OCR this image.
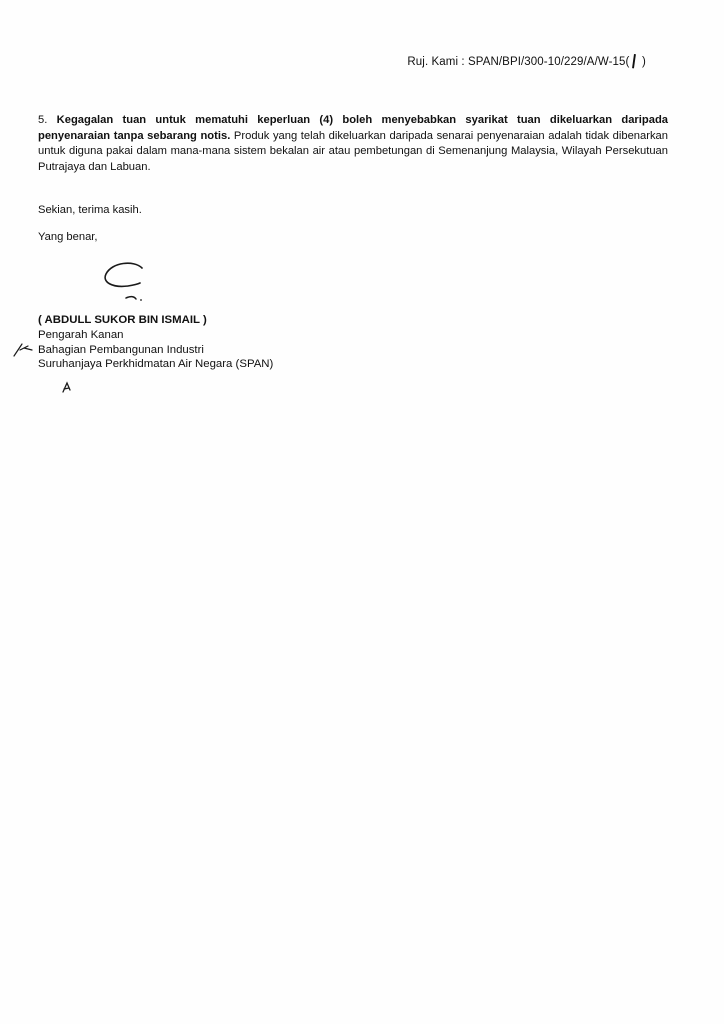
Ruj. Kami : SPAN/BPI/300-10/229/A/W-15( | )
5. Kegagalan tuan untuk mematuhi keperluan (4) boleh menyebabkan syarikat tuan dikeluarkan daripada penyenaraian tanpa sebarang notis. Produk yang telah dikeluarkan daripada senarai penyenaraian adalah tidak dibenarkan untuk diguna pakai dalam mana-mana sistem bekalan air atau pembetungan di Semenanjung Malaysia, Wilayah Persekutuan Putrajaya dan Labuan.
Sekian, terima kasih.
Yang benar,
( ABDULL SUKOR BIN ISMAIL )
Pengarah Kanan
Bahagian Pembangunan Industri
Suruhanjaya Perkhidmatan Air Negara (SPAN)
